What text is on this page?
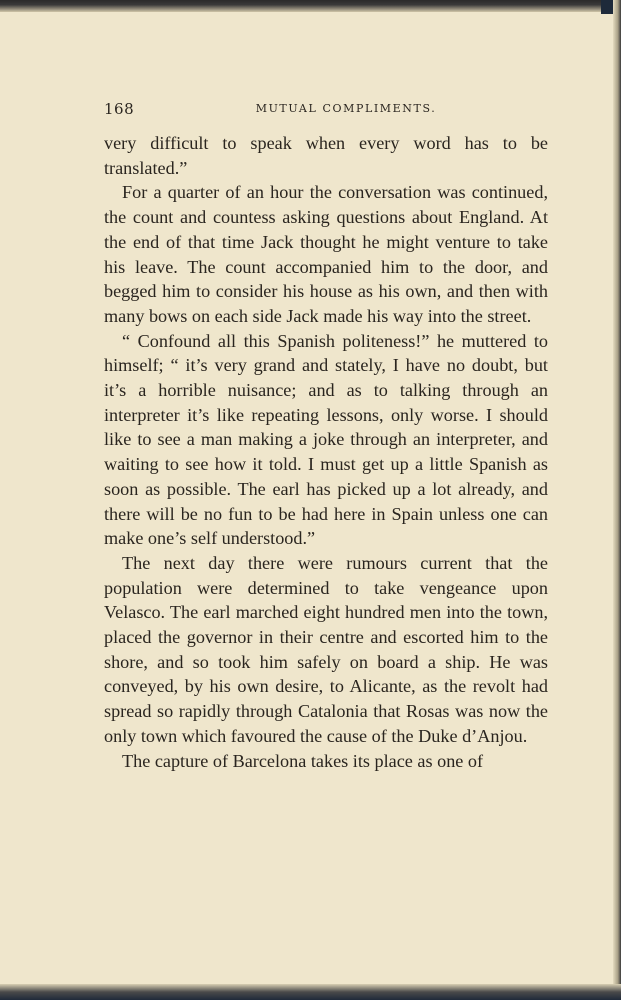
168	MUTUAL COMPLIMENTS.

very difficult to speak when every word has to be translated.”

For a quarter of an hour the conversation was continued, the count and countess asking questions about England. At the end of that time Jack thought he might venture to take his leave. The count accompanied him to the door, and begged him to consider his house as his own, and then with many bows on each side Jack made his way into the street.

“ Confound all this Spanish politeness!” he muttered to himself; “ it’s very grand and stately, I have no doubt, but it’s a horrible nuisance; and as to talking through an interpreter it’s like repeating lessons, only worse. I should like to see a man making a joke through an interpreter, and waiting to see how it told. I must get up a little Spanish as soon as possible. The earl has picked up a lot already, and there will be no fun to be had here in Spain unless one can make one’s self understood.”

The next day there were rumours current that the population were determined to take vengeance upon Velasco. The earl marched eight hundred men into the town, placed the governor in their centre and escorted him to the shore, and so took him safely on board a ship. He was conveyed, by his own desire, to Alicante, as the revolt had spread so rapidly through Catalonia that Rosas was now the only town which favoured the cause of the Duke d’Anjou.

The capture of Barcelona takes its place as one of
